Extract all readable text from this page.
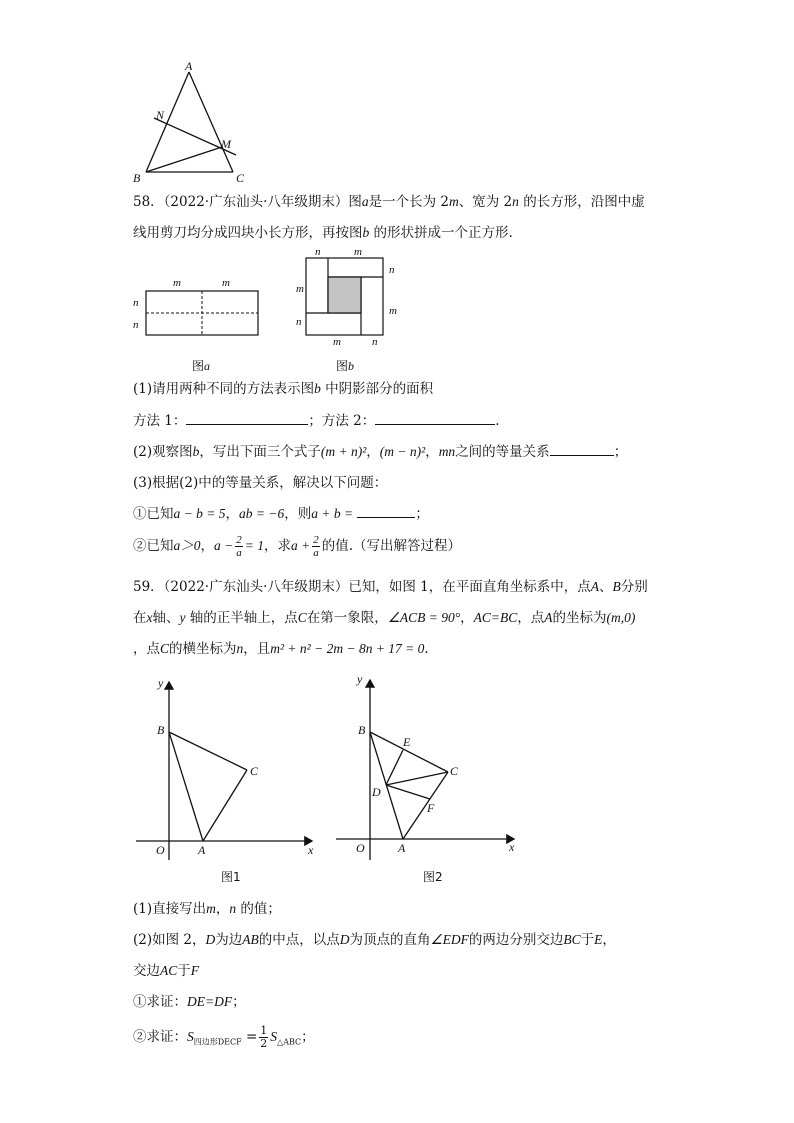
A
N
M
B	C
58．（2022·广东汕头·八年级期末）图a是一个长为 2m、宽为 2n 的长方形，沿图中虚
线用剪刀均分成四块小长方形，再按图b 的形状拼成一个正方形.
m	m
n
n
图a
n	m
n
m
m
n
m	n
图b
(1)请用两种不同的方法表示图b 中阴影部分的面积
方法 1：	；方法 2：	.
(2)观察图b，写出下面三个式子(m + n)²，(m − n)²，mn之间的等量关系	；
(3)根据(2)中的等量关系，解决以下问题：
①已知a − b = 5，ab = −6，则a + b =	；
②已知a＞0，$a - \frac{2}{a} = 1$，求$a + \frac{2}{a}$ 的值.（写出解答过程）
59．（2022·广东汕头·八年级期末）已知，如图 1，在平面直角坐标系中，点A、B分别
在x轴、y 轴的正半轴上，点C在第一象限，∠ACB = 90°，AC=BC，点A的坐标为(m,0)
，点C的横坐标为n，且m² + n² − 2m − 8n + 17 = 0．
y
x
O	A
B
C
图1
y
x
O	A
B
C
D
E
F
图2
(1)直接写出m，n 的值；
(2)如图 2，D为边AB的中点，以点D为顶点的直角∠EDF的两边分别交边BC于E，
交边AC于F
①求证：DE=DF；
②求证：$S_{四边形DECF} = \frac{1}{2} S_{\triangle ABC}$；
